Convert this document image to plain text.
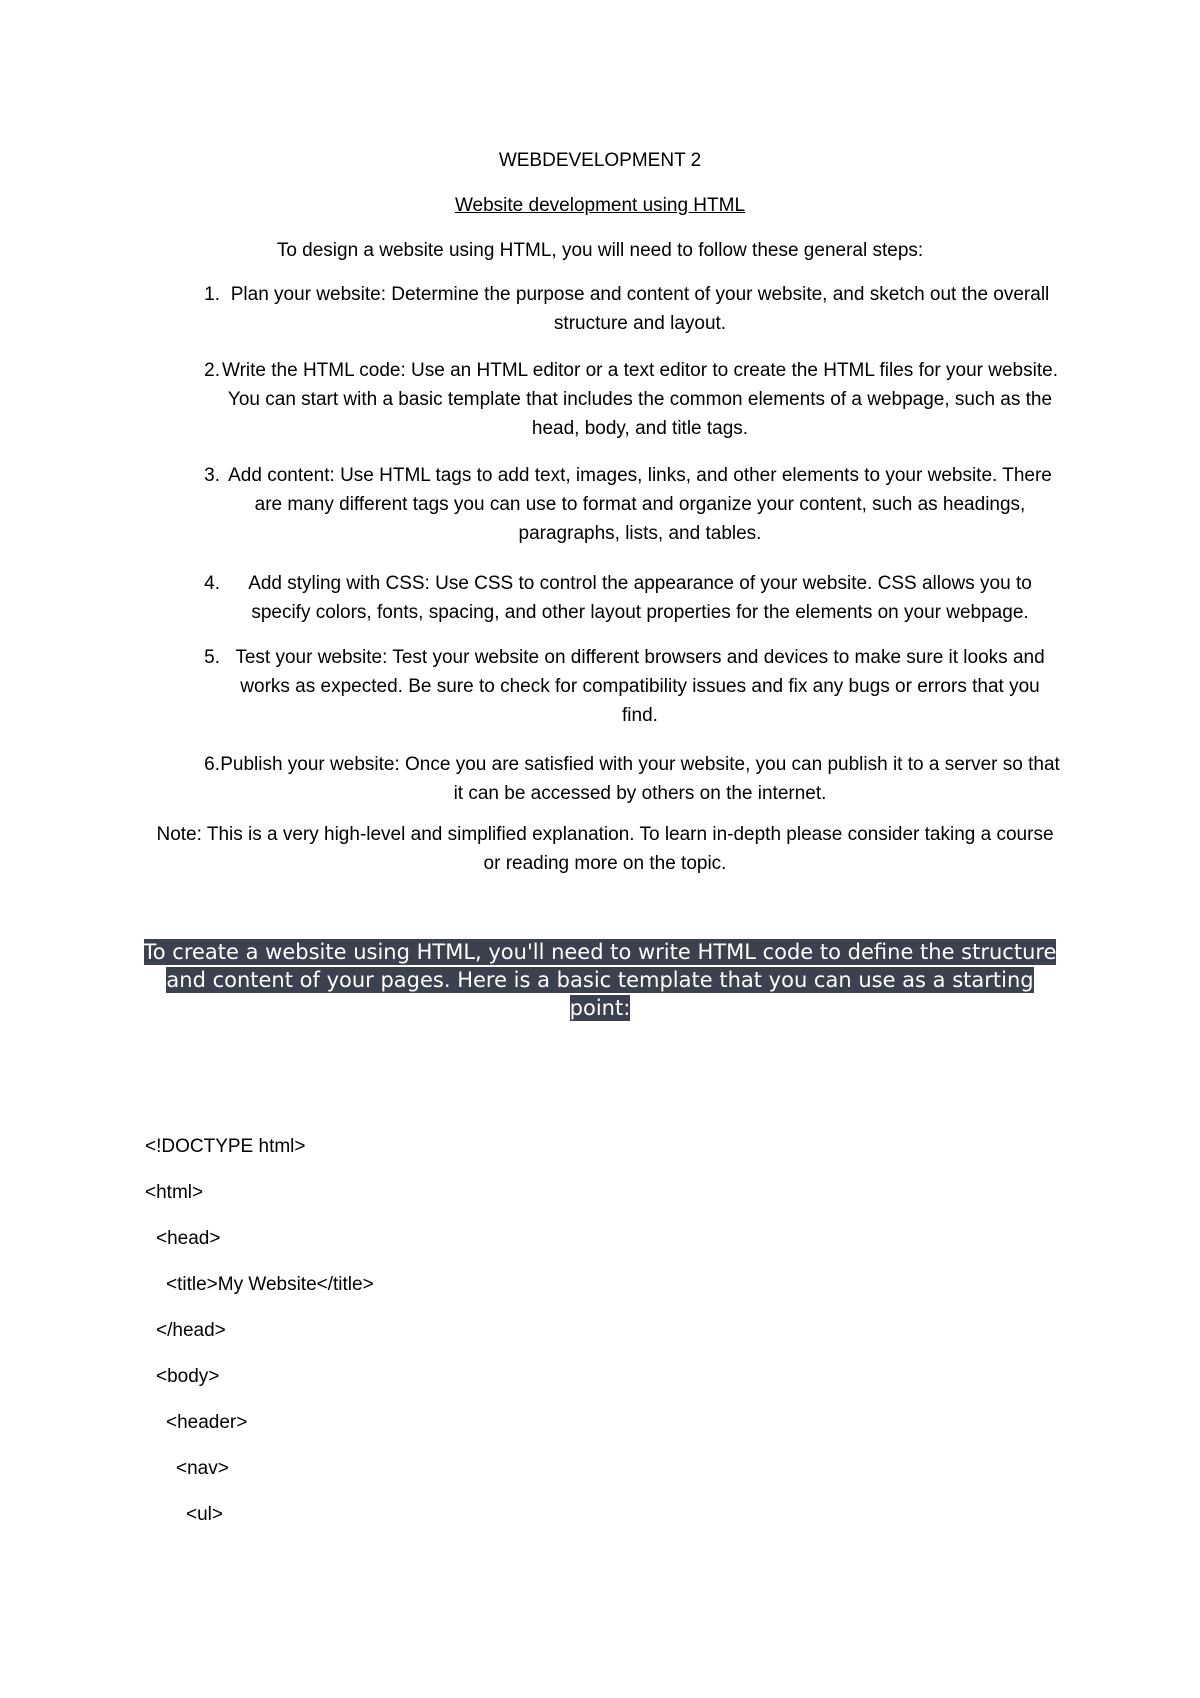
WEBDEVELOPMENT 2
Website development using HTML
To design a website using HTML, you will need to follow these general steps:
1. Plan your website: Determine the purpose and content of your website, and sketch out the overall structure and layout.
2. Write the HTML code: Use an HTML editor or a text editor to create the HTML files for your website. You can start with a basic template that includes the common elements of a webpage, such as the head, body, and title tags.
3. Add content: Use HTML tags to add text, images, links, and other elements to your website. There are many different tags you can use to format and organize your content, such as headings, paragraphs, lists, and tables.
4.	Add styling with CSS: Use CSS to control the appearance of your website. CSS allows you to specify colors, fonts, spacing, and other layout properties for the elements on your webpage.
5. Test your website: Test your website on different browsers and devices to make sure it looks and works as expected. Be sure to check for compatibility issues and fix any bugs or errors that you find.
6. Publish your website: Once you are satisfied with your website, you can publish it to a server so that it can be accessed by others on the internet.
Note: This is a very high-level and simplified explanation. To learn in-depth please consider taking a course or reading more on the topic.
To create a website using HTML, you'll need to write HTML code to define the structure and content of your pages. Here is a basic template that you can use as a starting point:
<!DOCTYPE html>
<html>
<head>
<title>My Website</title>
</head>
<body>
<header>
<nav>
<ul>
